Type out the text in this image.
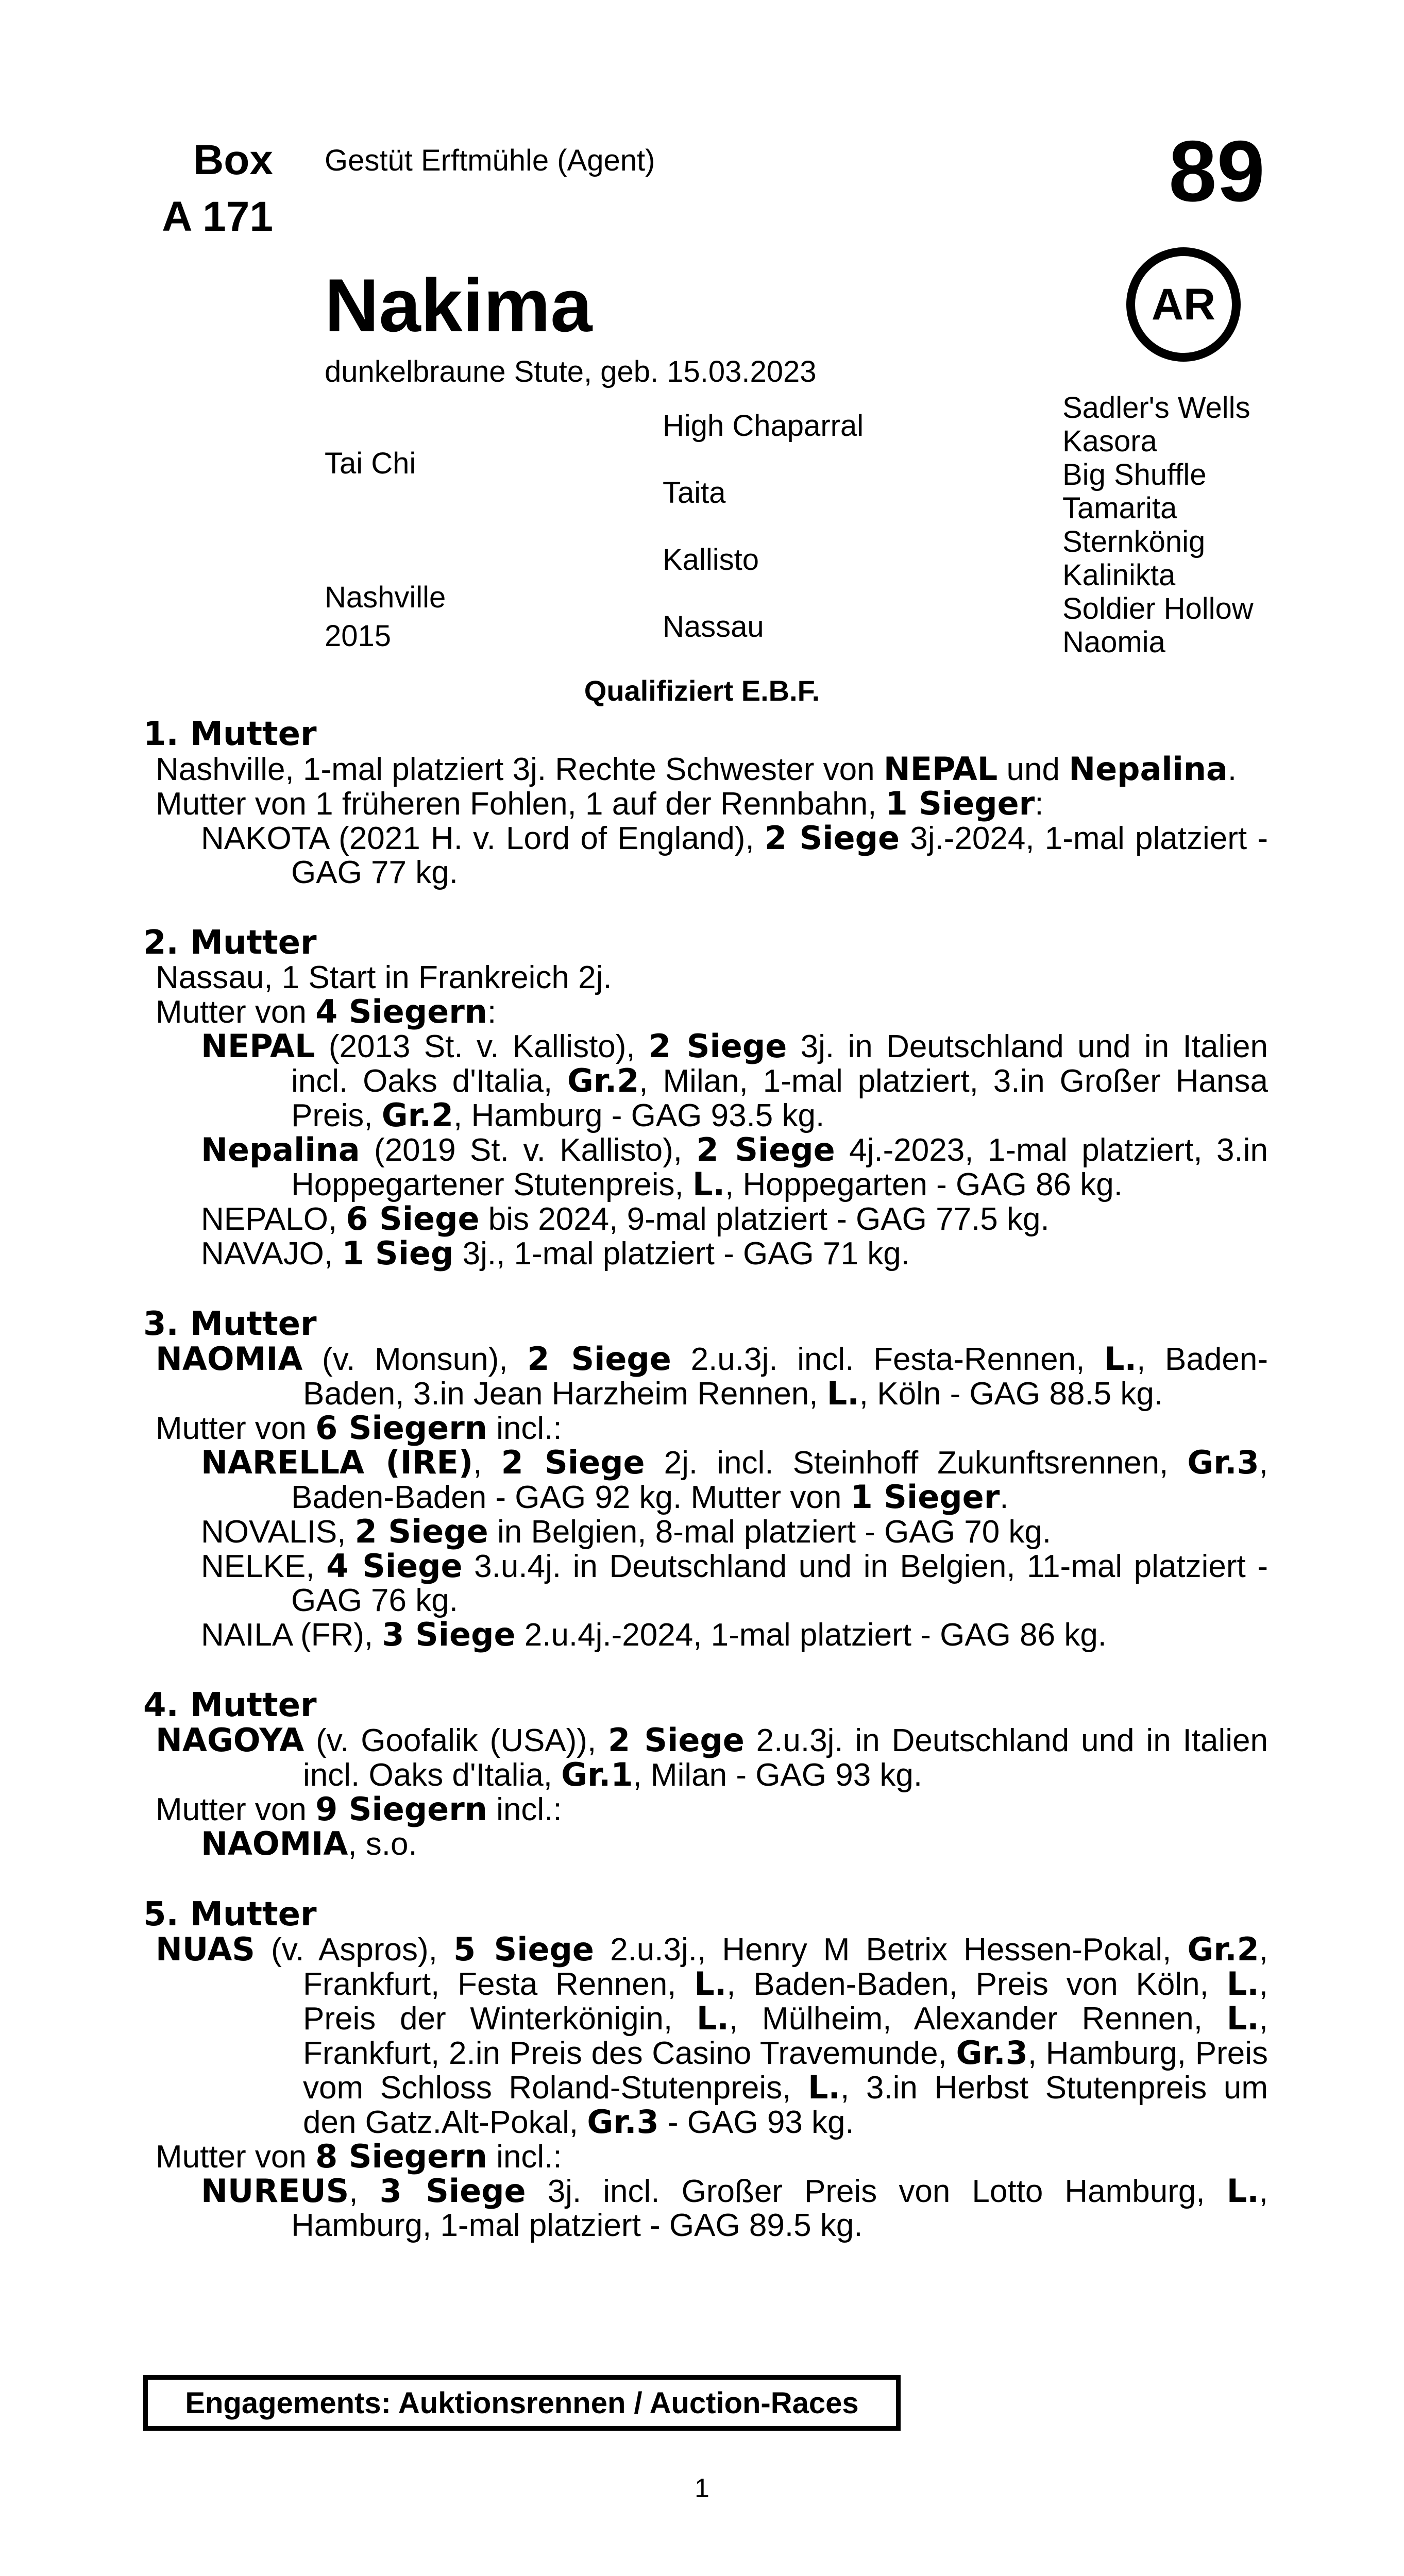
Box
A 171
Gestüt Erftmühle (Agent)	89
AR
Nakima
dunkelbraune Stute, geb. 15.03.2023
Tai Chi
Nashville
2015
High Chaparral
Taita
Kallisto
Nassau
Sadler's Wells
Kasora
Big Shuffle
Tamarita
Sternkönig
Kalinikta
Soldier Hollow
Naomia
Qualifiziert E.B.F.
1. Mutter
Nashville, 1-mal platziert 3j. Rechte Schwester von NEPAL und Nepalina.
Mutter von 1 früheren Fohlen, 1 auf der Rennbahn, 1 Sieger:
NAKOTA (2021 H. v. Lord of England), 2 Siege 3j.-2024, 1-mal platziert - GAG 77 kg.
2. Mutter
Nassau, 1 Start in Frankreich 2j.
Mutter von 4 Siegern:
NEPAL (2013 St. v. Kallisto), 2 Siege 3j. in Deutschland und in Italien incl. Oaks d'Italia, Gr.2, Milan, 1-mal platziert, 3.in Großer Hansa Preis, Gr.2, Hamburg - GAG 93.5 kg.
Nepalina (2019 St. v. Kallisto), 2 Siege 4j.-2023, 1-mal platziert, 3.in Hoppegartener Stutenpreis, L., Hoppegarten - GAG 86 kg.
NEPALO, 6 Siege bis 2024, 9-mal platziert - GAG 77.5 kg.
NAVAJO, 1 Sieg 3j., 1-mal platziert - GAG 71 kg.
3. Mutter
NAOMIA (v. Monsun), 2 Siege 2.u.3j. incl. Festa-Rennen, L., Baden-Baden, 3.in Jean Harzheim Rennen, L., Köln - GAG 88.5 kg.
Mutter von 6 Siegern incl.:
NARELLA (IRE), 2 Siege 2j. incl. Steinhoff Zukunftsrennen, Gr.3, Baden-Baden - GAG 92 kg. Mutter von 1 Sieger.
NOVALIS, 2 Siege in Belgien, 8-mal platziert - GAG 70 kg.
NELKE, 4 Siege 3.u.4j. in Deutschland und in Belgien, 11-mal platziert - GAG 76 kg.
NAILA (FR), 3 Siege 2.u.4j.-2024, 1-mal platziert - GAG 86 kg.
4. Mutter
NAGOYA (v. Goofalik (USA)), 2 Siege 2.u.3j. in Deutschland und in Italien incl. Oaks d'Italia, Gr.1, Milan - GAG 93 kg.
Mutter von 9 Siegern incl.:
NAOMIA, s.o.
5. Mutter
NUAS (v. Aspros), 5 Siege 2.u.3j., Henry M Betrix Hessen-Pokal, Gr.2, Frankfurt, Festa Rennen, L., Baden-Baden, Preis von Köln, L., Preis der Winterkönigin, L., Mülheim, Alexander Rennen, L., Frankfurt, 2.in Preis des Casino Travemunde, Gr.3, Hamburg, Preis vom Schloss Roland-Stutenpreis, L., 3.in Herbst Stutenpreis um den Gatz.Alt-Pokal, Gr.3 - GAG 93 kg.
Mutter von 8 Siegern incl.:
NUREUS, 3 Siege 3j. incl. Großer Preis von Lotto Hamburg, L., Hamburg, 1-mal platziert - GAG 89.5 kg.
Engagements: Auktionsrennen / Auction-Races
1
